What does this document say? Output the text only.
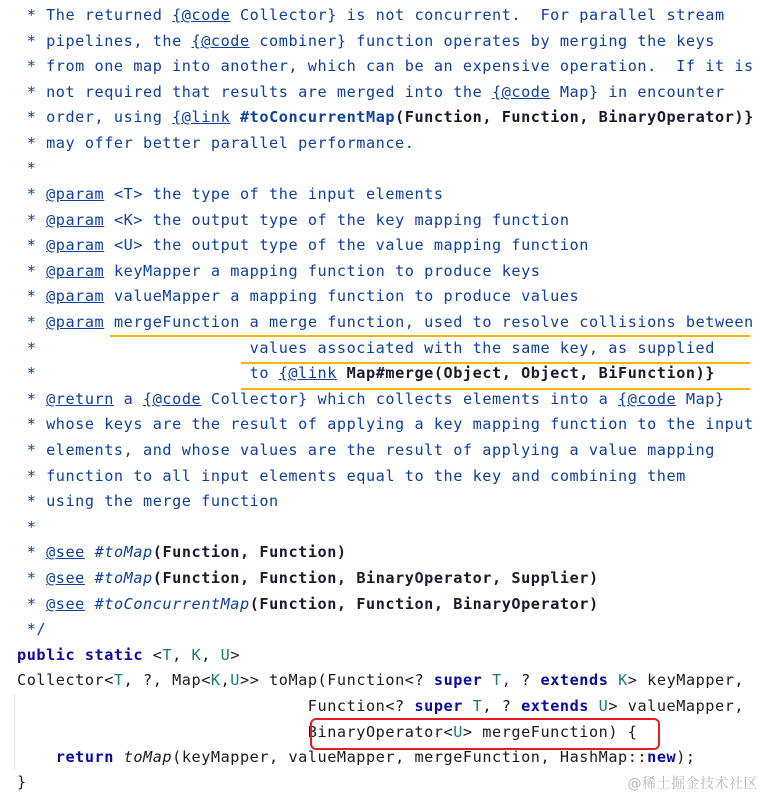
* The returned {@code Collector} is not concurrent.  For parallel stream
* pipelines, the {@code combiner} function operates by merging the keys
* from one map into another, which can be an expensive operation.  If it is
* not required that results are merged into the {@code Map} in encounter
* order, using {@link #toConcurrentMap(Function, Function, BinaryOperator)}
* may offer better parallel performance.
*
* @param <T> the type of the input elements
* @param <K> the output type of the key mapping function
* @param <U> the output type of the value mapping function
* @param keyMapper a mapping function to produce keys
* @param valueMapper a mapping function to produce values
* @param mergeFunction a merge function, used to resolve collisions between
*                      values associated with the same key, as supplied
*                      to {@link Map#merge(Object, Object, BiFunction)}
* @return a {@code Collector} which collects elements into a {@code Map}
* whose keys are the result of applying a key mapping function to the input
* elements, and whose values are the result of applying a value mapping
* function to all input elements equal to the key and combining them
* using the merge function
*
* @see #toMap(Function, Function)
* @see #toMap(Function, Function, BinaryOperator, Supplier)
* @see #toConcurrentMap(Function, Function, BinaryOperator)
*/
public static <T, K, U>
Collector<T, ?, Map<K,U>> toMap(Function<? super T, ? extends K> keyMapper,
Function<? super T, ? extends U> valueMapper,
BinaryOperator<U> mergeFunction) {
return toMap(keyMapper, valueMapper, mergeFunction, HashMap::new);
}	@稀土掘金技术社区
